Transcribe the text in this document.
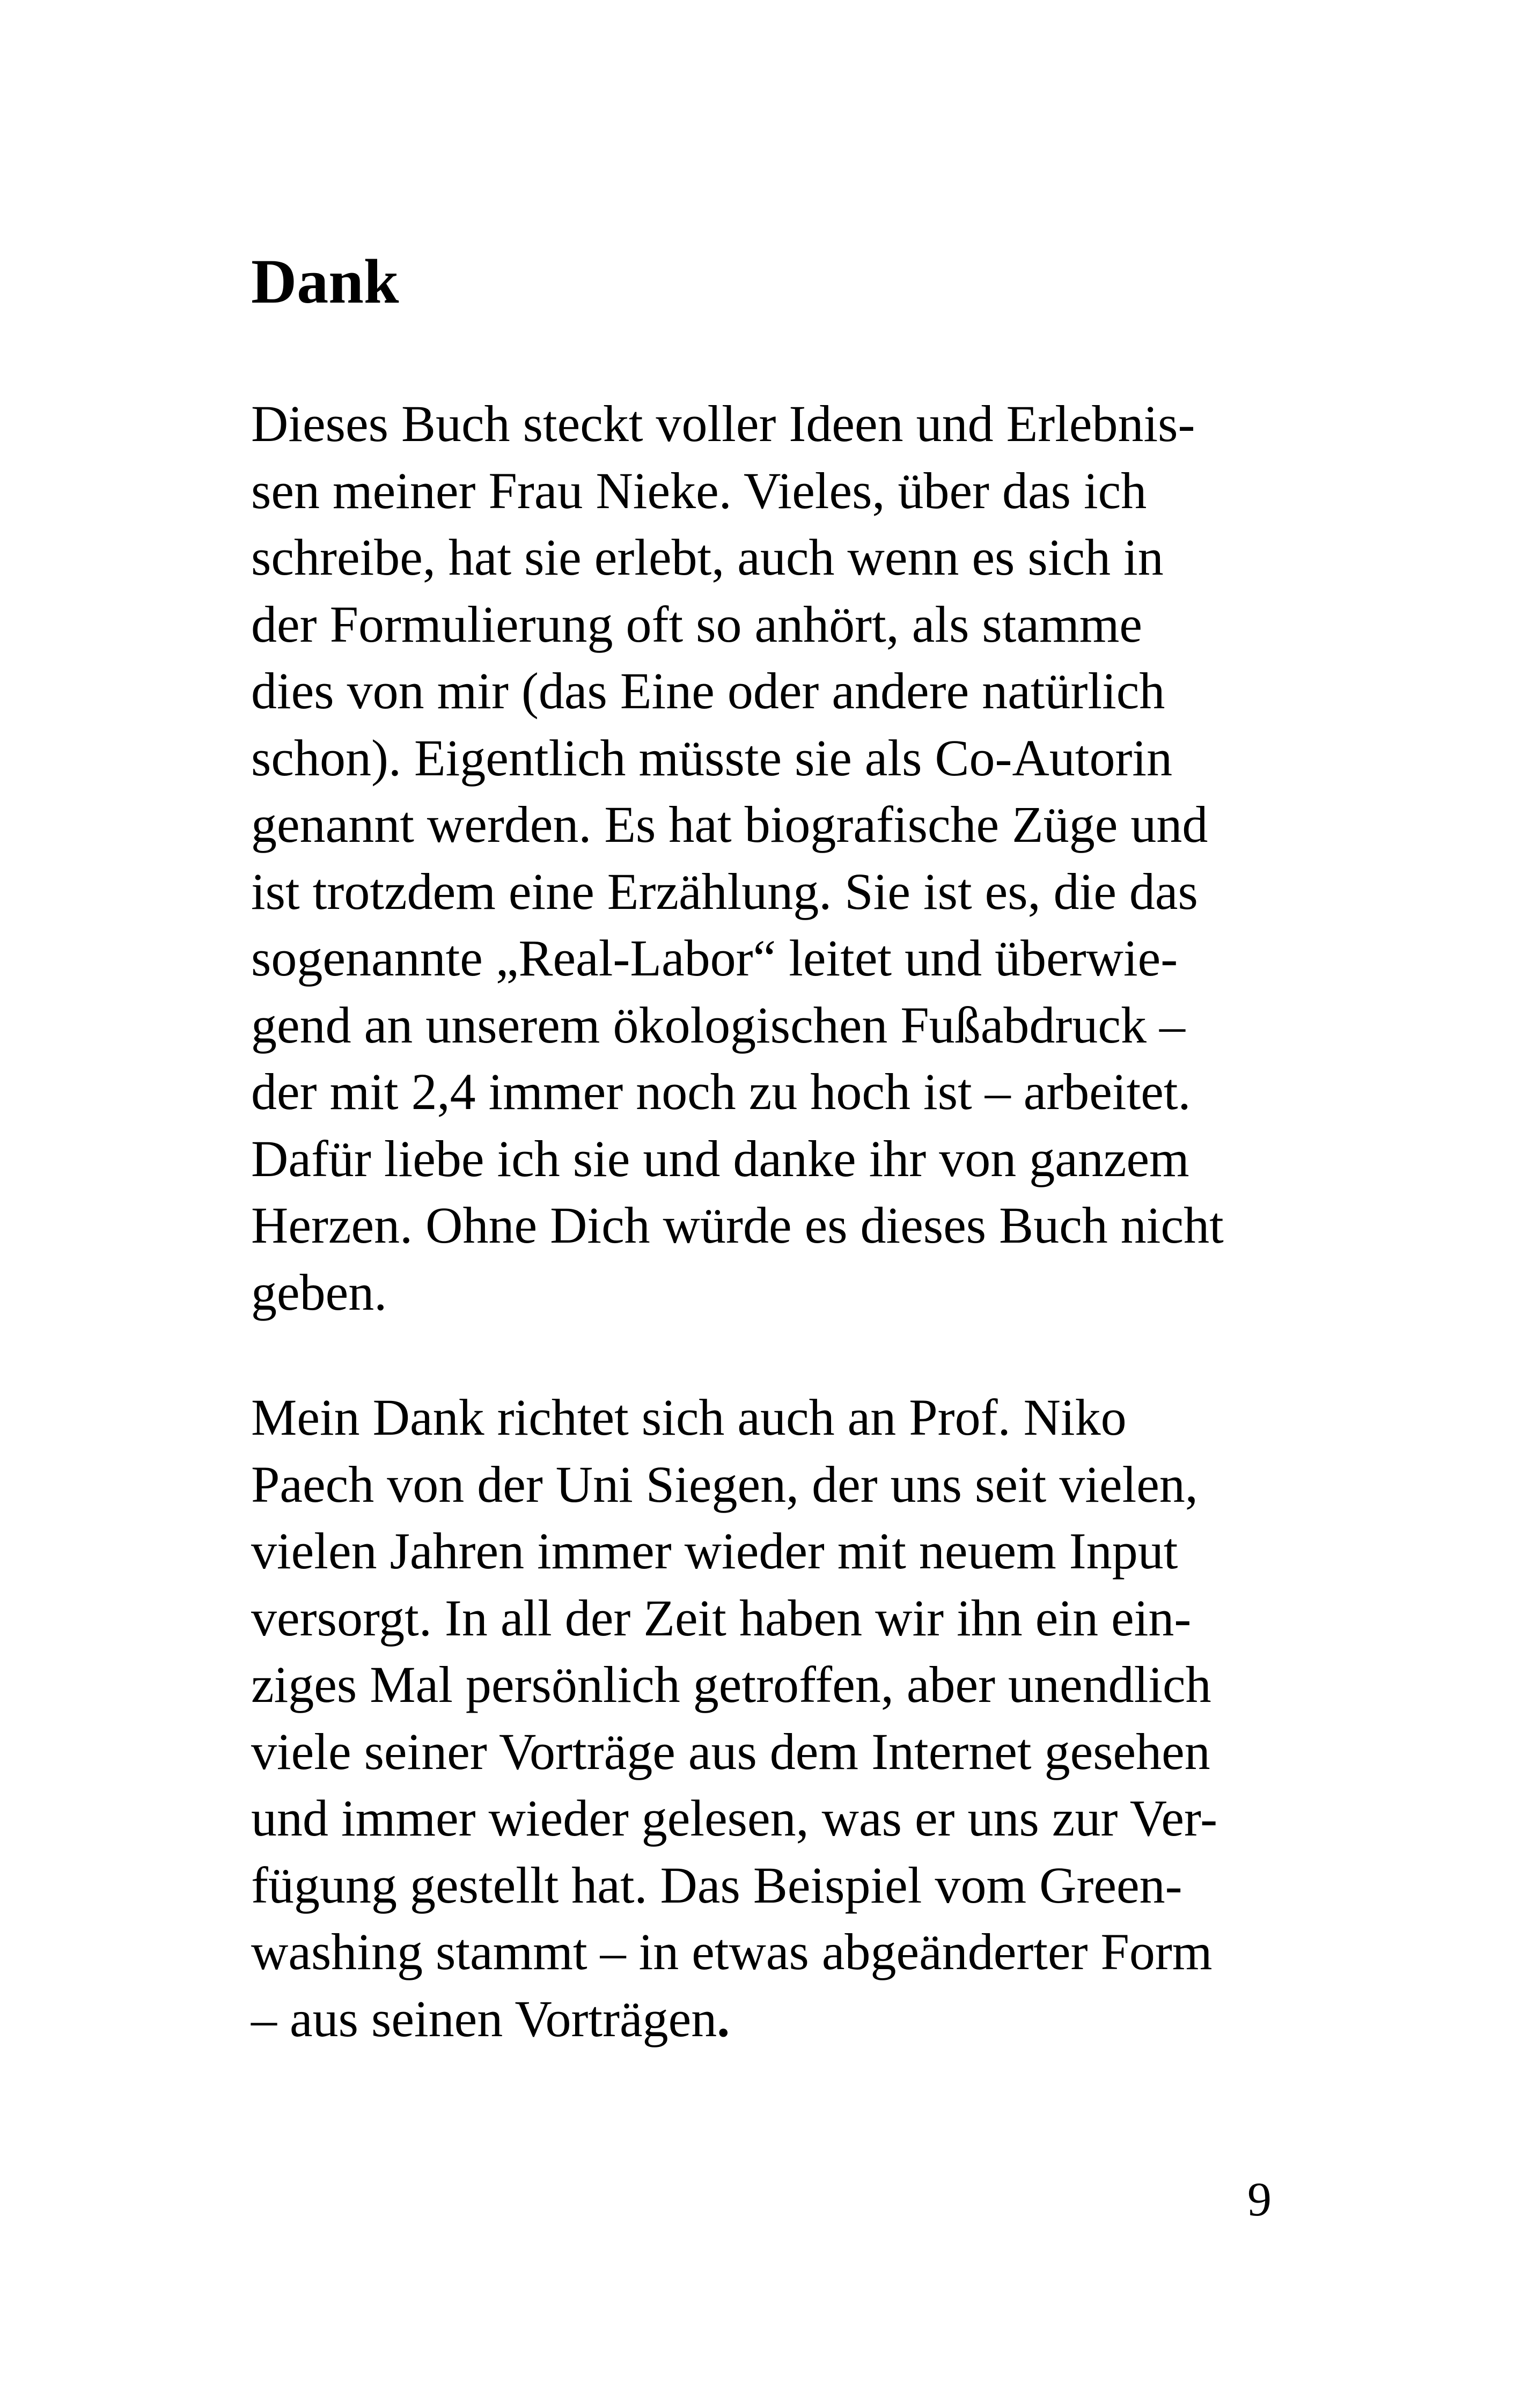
Dank

Dieses Buch steckt voller Ideen und Erlebnis-
sen meiner Frau Nieke. Vieles, über das ich
schreibe, hat sie erlebt, auch wenn es sich in
der Formulierung oft so anhört, als stamme
dies von mir (das Eine oder andere natürlich
schon). Eigentlich müsste sie als Co-Autorin
genannt werden. Es hat biografische Züge und
ist trotzdem eine Erzählung. Sie ist es, die das
sogenannte „Real-Labor“ leitet und überwie-
gend an unserem ökologischen Fußabdruck –
der mit 2,4 immer noch zu hoch ist – arbeitet.
Dafür liebe ich sie und danke ihr von ganzem
Herzen. Ohne Dich würde es dieses Buch nicht
geben.

Mein Dank richtet sich auch an Prof. Niko
Paech von der Uni Siegen, der uns seit vielen,
vielen Jahren immer wieder mit neuem Input
versorgt. In all der Zeit haben wir ihn ein ein-
ziges Mal persönlich getroffen, aber unendlich
viele seiner Vorträge aus dem Internet gesehen
und immer wieder gelesen, was er uns zur Ver-
fügung gestellt hat. Das Beispiel vom Green-
washing stammt – in etwas abgeänderter Form
– aus seinen Vorträgen.

9
